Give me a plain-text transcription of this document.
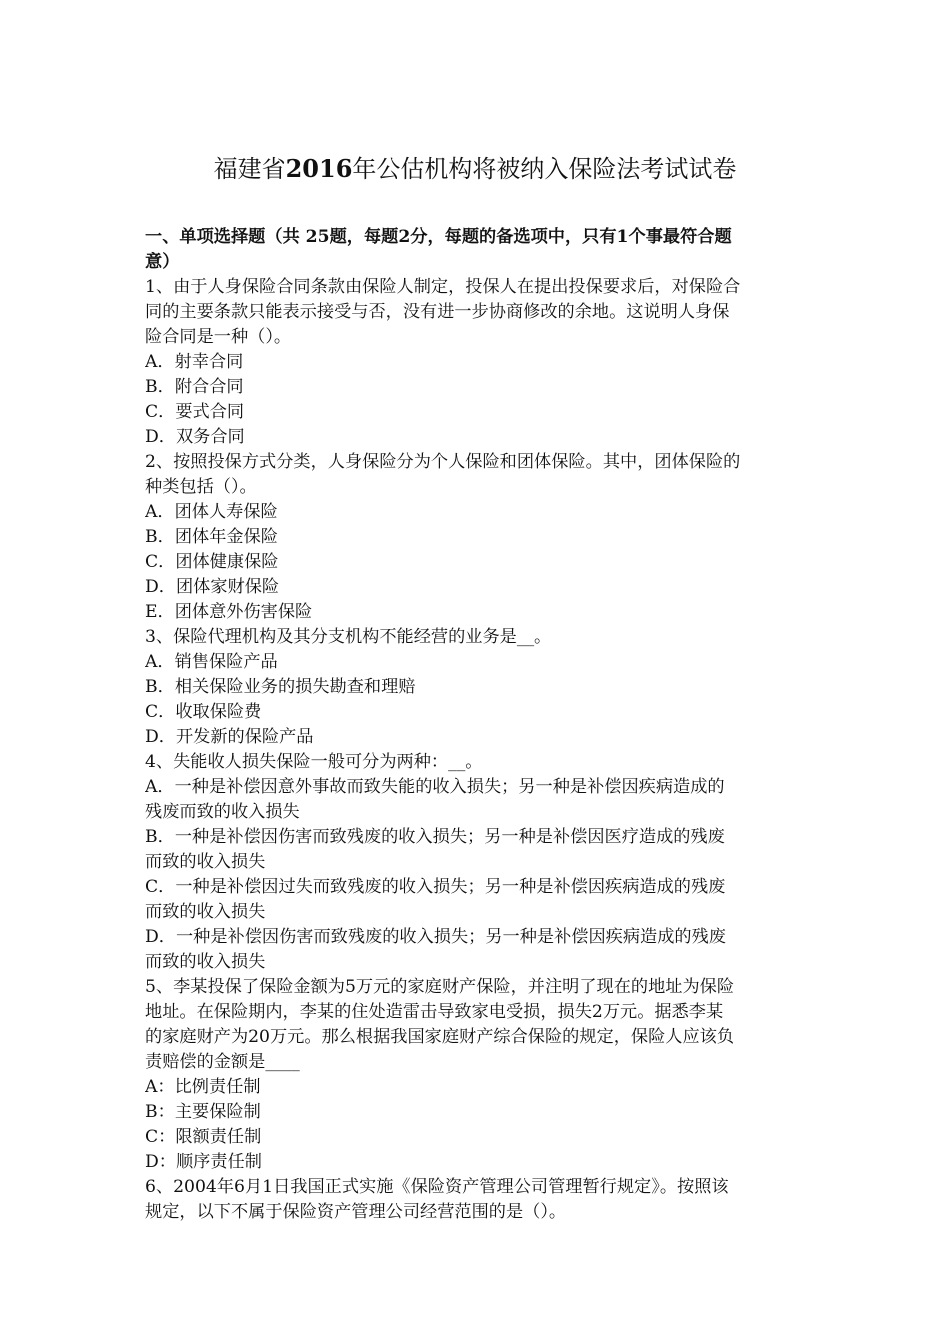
福建省2016年公估机构将被纳入保险法考试试卷
一、单项选择题（共 25题，每题2分，每题的备选项中，只有1个事最符合题
意）
1、由于人身保险合同条款由保险人制定，投保人在提出投保要求后，对保险合
同的主要条款只能表示接受与否，没有进一步协商修改的余地。这说明人身保
险合同是一种（）。
A．射幸合同
B．附合合同
C．要式合同
D．双务合同
2、按照投保方式分类，人身保险分为个人保险和团体保险。其中，团体保险的
种类包括（）。
A．团体人寿保险
B．团体年金保险
C．团体健康保险
D．团体家财保险
E．团体意外伤害保险
3、保险代理机构及其分支机构不能经营的业务是__。
A．销售保险产品
B．相关保险业务的损失勘查和理赔
C．收取保险费
D．开发新的保险产品
4、失能收人损失保险一般可分为两种：__。
A．一种是补偿因意外事故而致失能的收入损失；另一种是补偿因疾病造成的
残废而致的收入损失
B．一种是补偿因伤害而致残废的收入损失；另一种是补偿因医疗造成的残废
而致的收入损失
C．一种是补偿因过失而致残废的收入损失；另一种是补偿因疾病造成的残废
而致的收入损失
D．一种是补偿因伤害而致残废的收入损失；另一种是补偿因疾病造成的残废
而致的收入损失
5、李某投保了保险金额为5万元的家庭财产保险，并注明了现在的地址为保险
地址。在保险期内，李某的住处造雷击导致家电受损，损失2万元。据悉李某
的家庭财产为20万元。那么根据我国家庭财产综合保险的规定，保险人应该负
责赔偿的金额是____
A：比例责任制
B：主要保险制
C：限额责任制
D：顺序责任制
6、2004年6月1日我国正式实施《保险资产管理公司管理暂行规定》。按照该
规定，以下不属于保险资产管理公司经营范围的是（）。
